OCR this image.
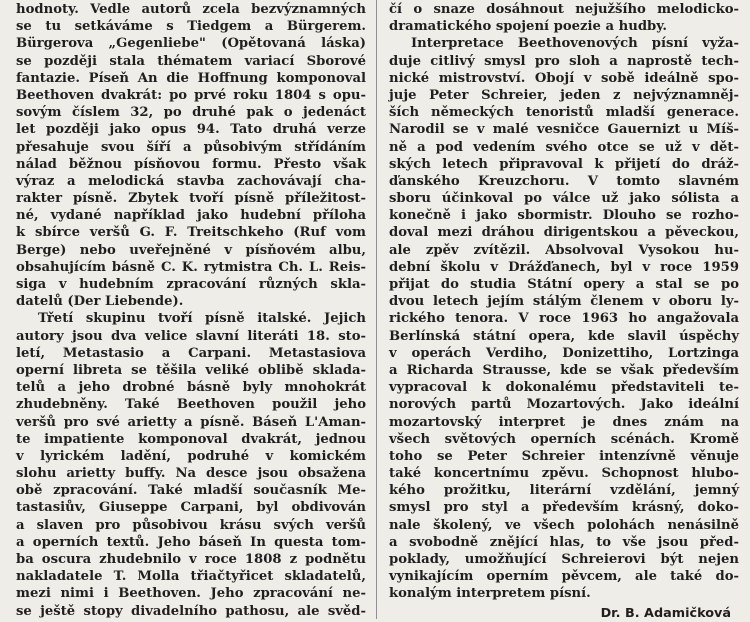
hodnoty. Vedle autorů zcela bezvýznamných
se tu setkáváme s Tiedgem a Bürgerem.
Bürgerova „Gegenliebe" (Opětovaná láska)
se později stala thématem variací Sborové
fantazie. Píseň An die Hoffnung komponoval
Beethoven dvakrát: po prvé roku 1804 s opu-
sovým číslem 32, po druhé pak o jedenáct
let později jako opus 94. Tato druhá verze
přesahuje svou šíří a působivým střídáním
nálad běžnou písňovou formu. Přesto však
výraz a melodická stavba zachovávají cha-
rakter písně. Zbytek tvoří písně příležitost-
né, vydané například jako hudební příloha
k sbírce veršů G. F. Treitschkeho (Ruf vom
Berge) nebo uveřejněné v písňovém albu,
obsahujícím básně C. K. rytmistra Ch. L. Reis-
siga v hudebním zpracování různých skla-
datelů (Der Liebende).
Třetí skupinu tvoří písně italské. Jejich
autory jsou dva velice slavní literáti 18. sto-
letí, Metastasio a Carpani. Metastasiova
operní libreta se těšila veliké oblibě sklada-
telů a jeho drobné básně byly mnohokrát
zhudebněny. Také Beethoven použil jeho
veršů pro své arietty a písně. Báseň L'Aman-
te impatiente komponoval dvakrát, jednou
v lyrickém ladění, podruhé v komickém
slohu arietty buffy. Na desce jsou obsažena
obě zpracování. Také mladší současník Me-
tastasiův, Giuseppe Carpani, byl obdivován
a slaven pro působivou krásu svých veršů
a operních textů. Jeho báseň In questa tom-
ba oscura zhudebnilo v roce 1808 z podnětu
nakladatele T. Molla třiačtyřicet skladatelů,
mezi nimi i Beethoven. Jeho zpracování ne-
se ještě stopy divadelního pathosu, ale svěd-
čí o snaze dosáhnout nejužšího melodicko-
dramatického spojení poezie a hudby.
Interpretace Beethovenových písní vyža-
duje citlivý smysl pro sloh a naprostě tech-
nické mistrovství. Obojí v sobě ideálně spo-
juje Peter Schreier, jeden z nejvýznamněj-
ších německých tenoristů mladší generace.
Narodil se v malé vesničce Gauernizt u Míš-
ně a pod vedením svého otce se už v dět-
ských letech připravoval k přijetí do dráž-
ďanského Kreuzchoru. V tomto slavném
sboru účinkoval po válce už jako sólista a
konečně i jako sbormistr. Dlouho se rozho-
doval mezi dráhou dirigentskou a pěveckou,
ale zpěv zvítězil. Absolvoval Vysokou hu-
dební školu v Drážďanech, byl v roce 1959
přijat do studia Státní opery a stal se po
dvou letech jejím stálým členem v oboru ly-
rického tenora. V roce 1963 ho angažovala
Berlínská státní opera, kde slavil úspěchy
v operách Verdiho, Donizettiho, Lortzinga
a Richarda Strausse, kde se však především
vypracoval k dokonalému představiteli te-
norových partů Mozartových. Jako ideální
mozartovský interpret je dnes znám na
všech světových operních scénách. Kromě
toho se Peter Schreier intenzívně věnuje
také koncertnímu zpěvu. Schopnost hlubo-
kého prožitku, literární vzdělání, jemný
smysl pro styl a především krásný, doko-
nale školený, ve všech polohách nenásilně
a svobodně znějící hlas, to vše jsou před-
poklady, umožňující Schreierovi být nejen
vynikajícím operním pěvcem, ale také do-
konalým interpretem písní.
Dr. B. Adamičková
